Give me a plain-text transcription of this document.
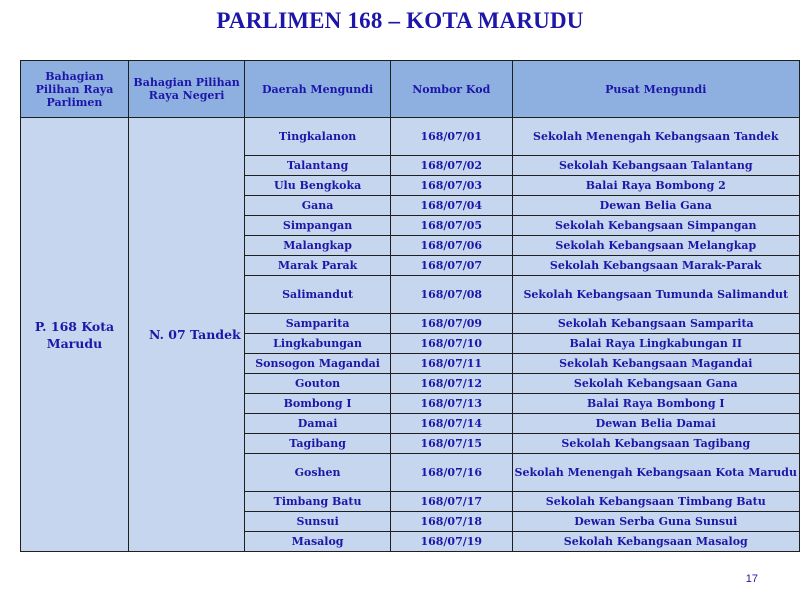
PARLIMEN 168 – KOTA MARUDU
Bahagian Pilihan Raya Parlimen	Bahagian Pilihan Raya Negeri	Daerah Mengundi	Nombor Kod	Pusat Mengundi
P. 168 Kota Marudu	N. 07 Tandek	Tingkalanon	168/07/01	Sekolah Menengah Kebangsaan Tandek
		Talantang	168/07/02	Sekolah Kebangsaan Talantang
		Ulu Bengkoka	168/07/03	Balai Raya Bombong 2
		Gana	168/07/04	Dewan Belia Gana
		Simpangan	168/07/05	Sekolah Kebangsaan Simpangan
		Malangkap	168/07/06	Sekolah Kebangsaan Melangkap
		Marak Parak	168/07/07	Sekolah Kebangsaan Marak-Parak
		Salimandut	168/07/08	Sekolah Kebangsaan Tumunda Salimandut
		Samparita	168/07/09	Sekolah Kebangsaan Samparita
		Lingkabungan	168/07/10	Balai Raya Lingkabungan II
		Sonsogon Magandai	168/07/11	Sekolah Kebangsaan Magandai
		Gouton	168/07/12	Sekolah Kebangsaan Gana
		Bombong I	168/07/13	Balai Raya Bombong I
		Damai	168/07/14	Dewan Belia Damai
		Tagibang	168/07/15	Sekolah Kebangsaan Tagibang
		Goshen	168/07/16	Sekolah Menengah Kebangsaan Kota Marudu
		Timbang Batu	168/07/17	Sekolah Kebangsaan Timbang Batu
		Sunsui	168/07/18	Dewan Serba Guna Sunsui
		Masalog	168/07/19	Sekolah Kebangsaan Masalog
17
